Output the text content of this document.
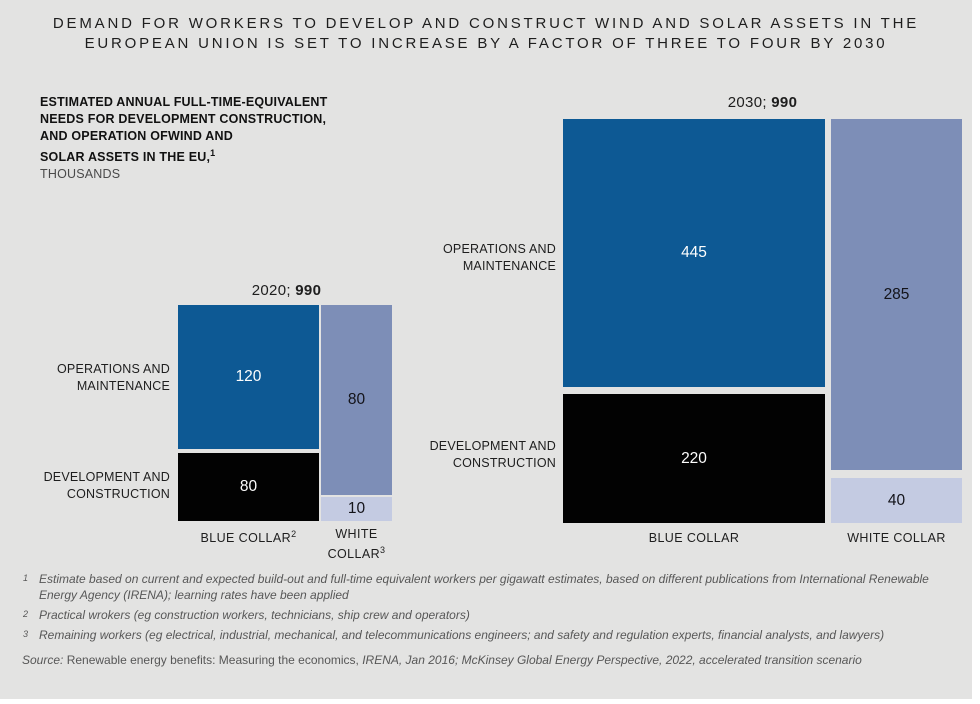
DEMAND FOR WORKERS TO DEVELOP AND CONSTRUCT WIND AND SOLAR ASSETS IN THE
EUROPEAN UNION IS SET TO INCREASE BY A FACTOR OF THREE TO FOUR BY 2030
ESTIMATED ANNUAL FULL-TIME-EQUIVALENT
NEEDS FOR DEVELOPMENT CONSTRUCTION,
AND OPERATION OFWIND AND
SOLAR ASSETS IN THE EU,$^1$
THOUSANDS
2020; 990
OPERATIONS AND
MAINTENANCE
DEVELOPMENT AND
CONSTRUCTION
120
80
80
10
BLUE COLLAR$^2$	WHITE COLLAR$^3$
2030; 990
OPERATIONS AND
MAINTENANCE
DEVELOPMENT AND
CONSTRUCTION
445
220
285
40
BLUE COLLAR	WHITE COLLAR
1 Estimate based on current and expected build-out and full-time equivalent workers per gigawatt estimates, based on different publications from International Renewable Energy Agency (IRENA); learning rates have been applied
2 Practical wrokers (eg construction workers, technicians, ship crew and operators)
3 Remaining workers (eg electrical, industrial, mechanical, and telecommunications engineers; and safety and regulation experts, financial analysts, and lawyers)
Source: Renewable energy benefits: Measuring the economics, IRENA, Jan 2016; McKinsey Global Energy Perspective, 2022, accelerated transition scenario
